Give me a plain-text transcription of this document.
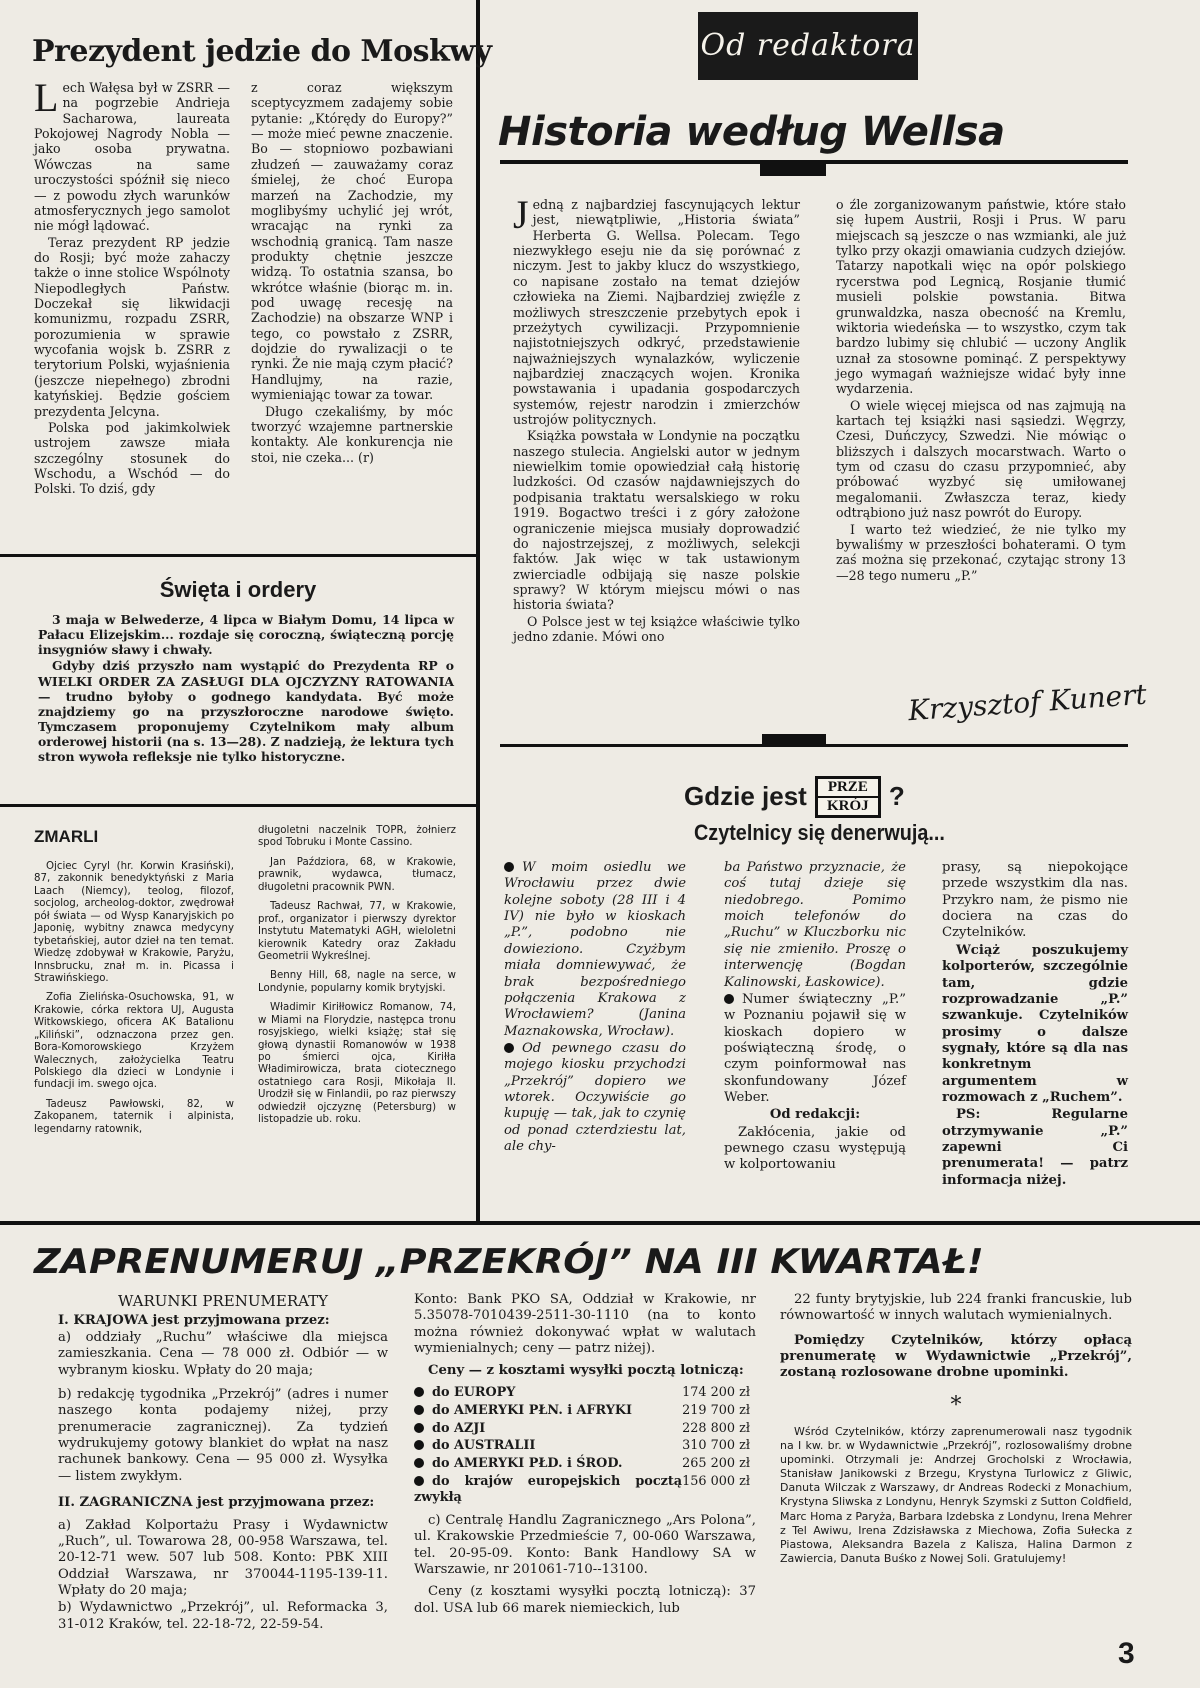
Prezydent jedzie do Moskwy

Lech Wałęsa był w ZSRR — na pogrzebie Andrieja Sacharowa, laureata Pokojowej Nagrody Nobla — jako osoba prywatna. Wówczas na same uroczystości spóźnił się nieco — z powodu złych warunków atmosferycznych jego samolot nie mógł lądować.

Teraz prezydent RP jedzie do Rosji; być może zahaczy także o inne stolice Wspólnoty Niepodległych Państw. Doczekał się likwidacji komunizmu, rozpadu ZSRR, porozumienia w sprawie wycofania wojsk b. ZSRR z terytorium Polski, wyjaśnienia (jeszcze niepełnego) zbrodni katyńskiej. Będzie gościem prezydenta Jelcyna.

Polska pod jakimkolwiek ustrojem zawsze miała szczególny stosunek do Wschodu, a Wschód — do Polski. To dziś, gdy

z coraz większym sceptycyzmem zadajemy sobie pytanie: „Którędy do Europy?” — może mieć pewne znaczenie. Bo — stopniowo pozbawiani złudzeń — zauważamy coraz śmielej, że choć Europa marzeń na Zachodzie, my moglibyśmy uchylić jej wrót, wracając na rynki za wschodnią granicą. Tam nasze produkty chętnie jeszcze widzą. To ostatnia szansa, bo wkrótce właśnie (biorąc m. in. pod uwagę recesję na Zachodzie) na obszarze WNP i tego, co powstało z ZSRR, dojdzie do rywalizacji o te rynki. Że nie mają czym płacić? Handlujmy, na razie, wymieniając towar za towar.

Długo czekaliśmy, by móc tworzyć wzajemne partnerskie kontakty. Ale konkurencja nie stoi, nie czeka... (r)

Święta i ordery

3 maja w Belwederze, 4 lipca w Białym Domu, 14 lipca w Pałacu Elizejskim... rozdaje się coroczną, świąteczną porcję insygniów sławy i chwały.

Gdyby dziś przyszło nam wystąpić do Prezydenta RP o WIELKI ORDER ZA ZASŁUGI DLA OJCZYZNY RATOWANIA — trudno byłoby o godnego kandydata. Być może znajdziemy go na przyszłoroczne narodowe święto. Tymczasem proponujemy Czytelnikom mały album orderowej historii (na s. 13—28). Z nadzieją, że lektura tych stron wywoła refleksje nie tylko historyczne.

ZMARLI

Ojciec Cyryl (hr. Korwin Krasiński), 87, zakonnik benedyktyński z Maria Laach (Niemcy), teolog, filozof, socjolog, archeolog-doktor, zwędrował pół świata — od Wysp Kanaryjskich po Japonię, wybitny znawca medycyny tybetańskiej, autor dzieł na ten temat. Wiedzę zdobywał w Krakowie, Paryżu, Innsbrucku, znał m. in. Picassa i Strawińskiego.

Zofia Zielińska-Osuchowska, 91, w Krakowie, córka rektora UJ, Augusta Witkowskiego, oficera AK Batalionu „Kiliński”, odznaczona przez gen. Bora-Komorowskiego Krzyżem Walecznych, założycielka Teatru Polskiego dla dzieci w Londynie i fundacji im. swego ojca.

Tadeusz Pawłowski, 82, w Zakopanem, taternik i alpinista, legendarny ratownik,

długoletni naczelnik TOPR, żołnierz spod Tobruku i Monte Cassino.

Jan Paździora, 68, w Krakowie, prawnik, wydawca, tłumacz, długoletni pracownik PWN.

Tadeusz Rachwał, 77, w Krakowie, prof., organizator i pierwszy dyrektor Instytutu Matematyki AGH, wieloletni kierownik Katedry oraz Zakładu Geometrii Wykreślnej.

Benny Hill, 68, nagle na serce, w Londynie, popularny komik brytyjski.

Władimir Kiriłłowicz Romanow, 74, w Miami na Florydzie, następca tronu rosyjskiego, wielki książę; stał się głową dynastii Romanowów w 1938 po śmierci ojca, Kiriłła Władimirowicza, brata ciotecznego ostatniego cara Rosji, Mikołaja II. Urodził się w Finlandii, po raz pierwszy odwiedził ojczyznę (Petersburg) w listopadzie ub. roku.

Od redaktora
Historia według Wellsa

Jedną z najbardziej fascynujących lektur jest, niewątpliwie, „Historia świata” Herberta G. Wellsa. Polecam. Tego niezwykłego eseju nie da się porównać z niczym. Jest to jakby klucz do wszystkiego, co napisane zostało na temat dziejów człowieka na Ziemi. Najbardziej zwięźle z możliwych streszczenie przebytych epok i przeżytych cywilizacji. Przypomnienie najistotniejszych odkryć, przedstawienie najważniejszych wynalazków, wyliczenie najbardziej znaczących wojen. Kronika powstawania i upadania gospodarczych systemów, rejestr narodzin i zmierzchów ustrojów politycznych.

Książka powstała w Londynie na początku naszego stulecia. Angielski autor w jednym niewielkim tomie opowiedział całą historię ludzkości. Od czasów najdawniejszych do podpisania traktatu wersalskiego w roku 1919. Bogactwo treści i z góry założone ograniczenie miejsca musiały doprowadzić do najostrzejszej, z możliwych, selekcji faktów. Jak więc w tak ustawionym zwierciadle odbijają się nasze polskie sprawy? W którym miejscu mówi o nas historia świata?

O Polsce jest w tej książce właściwie tylko jedno zdanie. Mówi ono

o źle zorganizowanym państwie, które stało się łupem Austrii, Rosji i Prus. W paru miejscach są jeszcze o nas wzmianki, ale już tylko przy okazji omawiania cudzych dziejów. Tatarzy napotkali więc na opór polskiego rycerstwa pod Legnicą, Rosjanie tłumić musieli polskie powstania. Bitwa grunwaldzka, nasza obecność na Kremlu, wiktoria wiedeńska — to wszystko, czym tak bardzo lubimy się chlubić — uczony Anglik uznał za stosowne pominąć. Z perspektywy jego wymagań ważniejsze widać były inne wydarzenia.

O wiele więcej miejsca od nas zajmują na kartach tej książki nasi sąsiedzi. Węgrzy, Czesi, Duńczycy, Szwedzi. Nie mówiąc o bliższych i dalszych mocarstwach. Warto o tym od czasu do czasu przypomnieć, aby próbować wyzbyć się umiłowanej megalomanii. Zwłaszcza teraz, kiedy odtrąbiono już nasz powrót do Europy.

I warto też wiedzieć, że nie tylko my bywaliśmy w przeszłości bohaterami. O tym zaś można się przekonać, czytając strony 13—28 tego numeru „P.”

Krzysztof Kunert
Gdzie jest	PRZE
KRÓJ ?
Czytelnicy się denerwują...

W moim osiedlu we Wrocławiu przez dwie kolejne soboty (28 III i 4 IV) nie było w kioskach „P.”, podobno nie dowieziono. Czyżbym miała domniewywać, że brak bezpośredniego połączenia Krakowa z Wrocławiem? (Janina Maznakowska, Wrocław).

Od pewnego czasu do mojego kiosku przychodzi „Przekrój” dopiero we wtorek. Oczywiście go kupuję — tak, jak to czynię od ponad czterdziestu lat, ale chy-

ba Państwo przyznacie, że coś tutaj dzieje się niedobrego. Pomimo moich telefonów do „Ruchu” w Kluczborku nic się nie zmieniło. Proszę o interwencję (Bogdan Kalinowski, Łaskowice).

Numer świąteczny „P.” w Poznaniu pojawił się w kioskach dopiero w poświąteczną środę, o czym poinformował nas skonfundowany Józef Weber.

Od redakcji:

Zakłócenia, jakie od pewnego czasu występują w kolportowaniu

prasy, są niepokojące przede wszystkim dla nas. Przykro nam, że pismo nie dociera na czas do Czytelników.

Wciąż poszukujemy kolporterów, szczególnie tam, gdzie rozprowadzanie „P.” szwankuje. Czytelników prosimy o dalsze sygnały, które są dla nas konkretnym argumentem w rozmowach z „Ruchem”.

PS: Regularne otrzymywanie „P.” zapewni Ci prenumerata! — patrz informacja niżej.

ZAPRENUMERUJ „PRZEKRÓJ” NA III KWARTAŁ!

WARUNKI PRENUMERATY

I. KRAJOWA jest przyjmowana przez:

a) oddziały „Ruchu” właściwe dla miejsca zamieszkania. Cena — 78 000 zł. Odbiór — w wybranym kiosku. Wpłaty do 20 maja;

b) redakcję tygodnika „Przekrój” (adres i numer naszego konta podajemy niżej, przy prenumeracie zagranicznej). Za tydzień wydrukujemy gotowy blankiet do wpłat na nasz rachunek bankowy. Cena — 95 000 zł. Wysyłka — listem zwykłym.

II. ZAGRANICZNA jest przyjmowana przez:

a) Zakład Kolportażu Prasy i Wydawnictw „Ruch”, ul. Towarowa 28, 00-958 Warszawa, tel. 20-12-71 wew. 507 lub 508. Konto: PBK XIII Oddział Warszawa, nr 370044-1195-139-11. Wpłaty do 20 maja;

b) Wydawnictwo „Przekrój”, ul. Reformacka 3, 31-012 Kraków, tel. 22-18-72, 22-59-54.

Konto: Bank PKO SA, Oddział w Krakowie, nr 5.35078-7010439-2511-30-1110 (na to konto można również dokonywać wpłat w walutach wymienialnych; ceny — patrz niżej).

Ceny — z kosztami wysyłki pocztą lotniczą:

do EUROPY	174 200 zł
do AMERYKI PŁN. i AFRYKI	219 700 zł
do AZJI	228 800 zł
do AUSTRALII	310 700 zł
do AMERYKI PŁD. i ŚROD.	265 200 zł
do krajów europejskich pocztą zwykłą	156 000 zł

c) Centralę Handlu Zagranicznego „Ars Polona”, ul. Krakowskie Przedmieście 7, 00-060 Warszawa, tel. 20-95-09. Konto: Bank Handlowy SA w Warszawie, nr 201061-710--13100.

Ceny (z kosztami wysyłki pocztą lotniczą): 37 dol. USA lub 66 marek niemieckich, lub

22 funty brytyjskie, lub 224 franki francuskie, lub równowartość w innych walutach wymienialnych.

Pomiędzy Czytelników, którzy opłacą prenumeratę w Wydawnictwie „Przekrój”, zostaną rozlosowane drobne upominki.

*

Wśród Czytelników, którzy zaprenumerowali nasz tygodnik na I kw. br. w Wydawnictwie „Przekrój”, rozlosowaliśmy drobne upominki. Otrzymali je: Andrzej Grocholski z Wrocławia, Stanisław Janikowski z Brzegu, Krystyna Turlowicz z Gliwic, Danuta Wilczak z Warszawy, dr Andreas Rodecki z Monachium, Krystyna Sliwska z Londynu, Henryk Szymski z Sutton Coldfield, Marc Homa z Paryża, Barbara Izdebska z Londynu, Irena Mehrer z Tel Awiwu, Irena Zdzisławska z Miechowa, Zofia Sułecka z Piastowa, Aleksandra Bazela z Kalisza, Halina Darmon z Zawiercia, Danuta Buśko z Nowej Soli. Gratulujemy!

3
